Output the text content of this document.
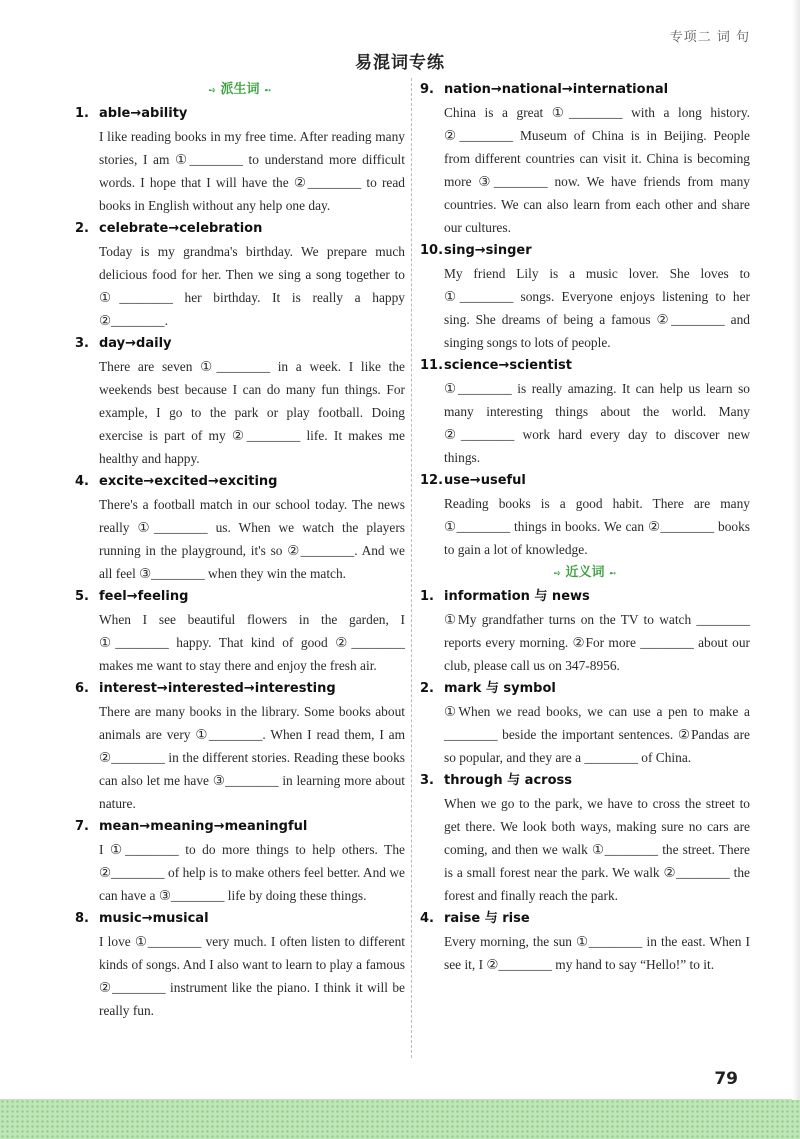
专项二 词 句
易混词专练
➺ 派生词 ➻
1. able→ability
I like reading books in my free time. After reading many stories, I am ①________ to understand more difficult words. I hope that I will have the ②________ to read books in English without any help one day.
2. celebrate→celebration
Today is my grandma's birthday. We prepare much delicious food for her. Then we sing a song together to ①________ her birthday. It is really a happy ②________.
3. day→daily
There are seven ①________ in a week. I like the weekends best because I can do many fun things. For example, I go to the park or play football. Doing exercise is part of my ②________ life. It makes me healthy and happy.
4. excite→excited→exciting
There's a football match in our school today. The news really ①________ us. When we watch the players running in the playground, it's so ②________. And we all feel ③________ when they win the match.
5. feel→feeling
When I see beautiful flowers in the garden, I ①________ happy. That kind of good ②________ makes me want to stay there and enjoy the fresh air.
6. interest→interested→interesting
There are many books in the library. Some books about animals are very ①________. When I read them, I am ②________ in the different stories. Reading these books can also let me have ③________ in learning more about nature.
7. mean→meaning→meaningful
I ①________ to do more things to help others. The ②________ of help is to make others feel better. And we can have a ③________ life by doing these things.
8. music→musical
I love ①________ very much. I often listen to different kinds of songs. And I also want to learn to play a famous ②________ instrument like the piano. I think it will be really fun.
9. nation→national→international
China is a great ①________ with a long history. ②________ Museum of China is in Beijing. People from different countries can visit it. China is becoming more ③________ now. We have friends from many countries. We can also learn from each other and share our cultures.
10.sing→singer
My friend Lily is a music lover. She loves to ①________ songs. Everyone enjoys listening to her sing. She dreams of being a famous ②________ and singing songs to lots of people.
11.science→scientist
①________ is really amazing. It can help us learn so many interesting things about the world. Many ②________ work hard every day to discover new things.
12.use→useful
Reading books is a good habit. There are many ①________ things in books. We can ②________ books to gain a lot of knowledge.
➺ 近义词 ➻
1. information 与 news
①My grandfather turns on the TV to watch ________ reports every morning. ②For more ________ about our club, please call us on 347-8956.
2. mark 与 symbol
①When we read books, we can use a pen to make a ________ beside the important sentences. ②Pandas are so popular, and they are a ________ of China.
3. through 与 across
When we go to the park, we have to cross the street to get there. We look both ways, making sure no cars are coming, and then we walk ①________ the street. There is a small forest near the park. We walk ②________ the forest and finally reach the park.
4. raise 与 rise
Every morning, the sun ①________ in the east. When I see it, I ②________ my hand to say “Hello!” to it.
79
